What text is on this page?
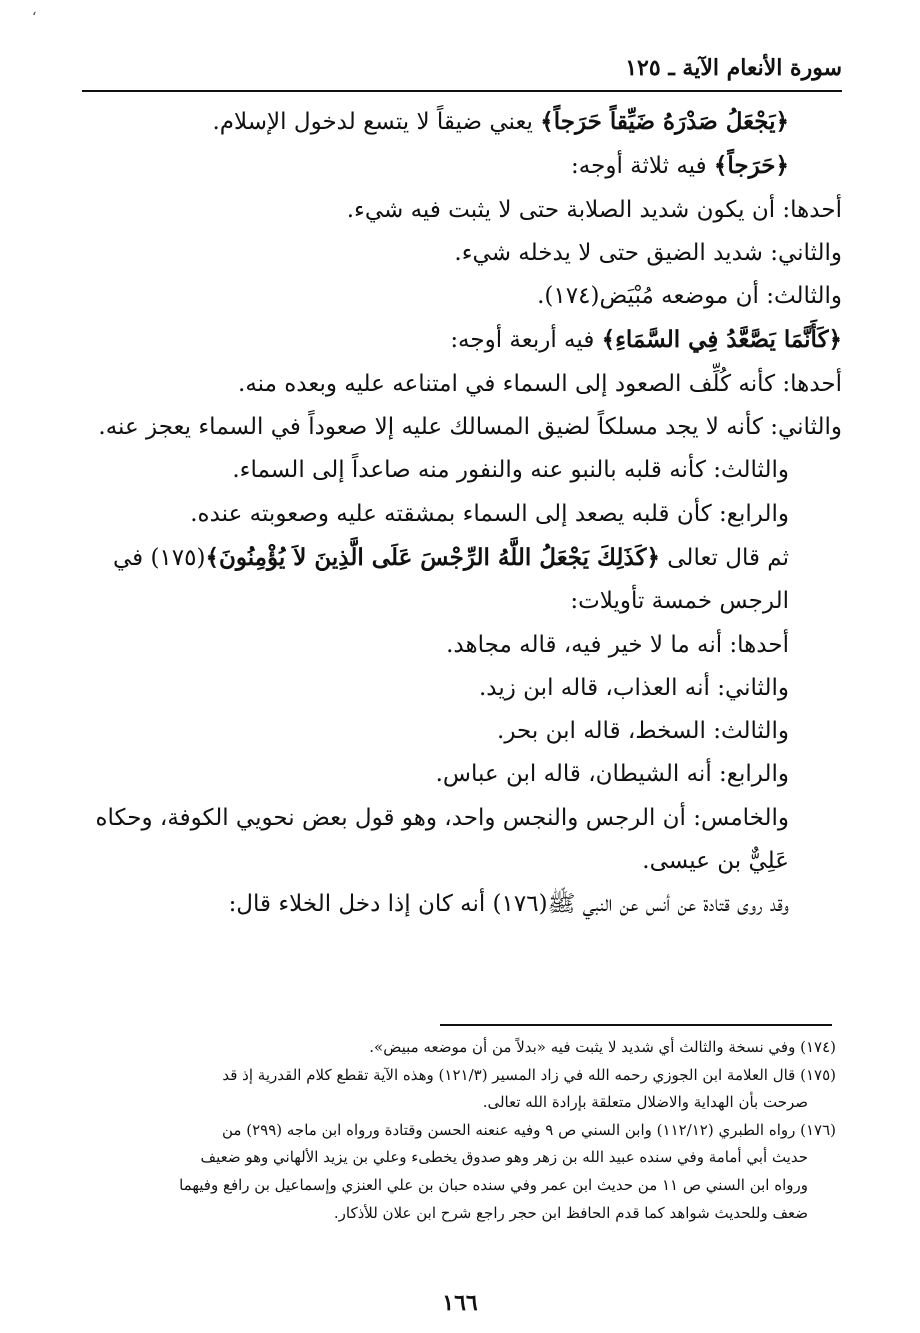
‘
سورة الأنعام الآية ـ ١٢٥

﴿يَجْعَلُ صَدْرَهُ ضَيِّقاً حَرَجاً﴾ يعني ضيقاً لا يتسع لدخول الإسلام.

﴿حَرَجاً﴾ فيه ثلاثة أوجه:

أحدها: أن يكون شديد الصلابة حتى لا يثبت فيه شيء.

والثاني: شديد الضيق حتى لا يدخله شيء.

والثالث: أن موضعه مُبْيَض(١٧٤).

﴿كَأَنَّمَا يَصَّعَّدُ فِي السَّمَاءِ﴾ فيه أربعة أوجه:

أحدها: كأنه كُلِّف الصعود إلى السماء في امتناعه عليه وبعده منه.

والثاني: كأنه لا يجد مسلكاً لضيق المسالك عليه إلا صعوداً في السماء يعجز عنه.

والثالث: كأنه قلبه بالنبو عنه والنفور منه صاعداً إلى السماء.

والرابع: كأن قلبه يصعد إلى السماء بمشقته عليه وصعوبته عنده.

ثم قال تعالى ﴿كَذَلِكَ يَجْعَلُ اللَّهُ الرِّجْسَ عَلَى الَّذِينَ لاَ يُؤْمِنُونَ﴾(١٧٥) في الرجس خمسة تأويلات:

أحدها: أنه ما لا خير فيه، قاله مجاهد.

والثاني: أنه العذاب، قاله ابن زيد.

والثالث: السخط، قاله ابن بحر.

والرابع: أنه الشيطان، قاله ابن عباس.

والخامس: أن الرجس والنجس واحد، وهو قول بعض نحويي الكوفة، وحكاه عَلِيٌّ بن عيسى.

وقد روى قتادة عن أنس عن النبي ﷺ(١٧٦) أنه كان إذا دخل الخلاء قال:

(١٧٤) وفي نسخة والثالث أي شديد لا يثبت فيه «بدلاً من أن موضعه مبيض».

(١٧٥) قال العلامة ابن الجوزي رحمه الله في زاد المسير (١٢١/٣) وهذه الآية تقطع كلام القدرية إذ قد

صرحت بأن الهداية والاضلال متعلقة بإرادة الله تعالى.

(١٧٦) رواه الطبري (١١٢/١٢) وابن السني ص ٩ وفيه عنعنه الحسن وقتادة ورواه ابن ماجه (٢٩٩) من

حديث أبي أمامة وفي سنده عبيد الله بن زهر وهو صدوق يخطىء وعلي بن يزيد الألهاني وهو ضعيف

ورواه ابن السني ص ١١ من حديث ابن عمر وفي سنده حبان بن علي العنزي وإسماعيل بن رافع وفيهما

ضعف وللحديث شواهد كما قدم الحافظ ابن حجر راجع شرح ابن علان للأذكار.

١٦٦
